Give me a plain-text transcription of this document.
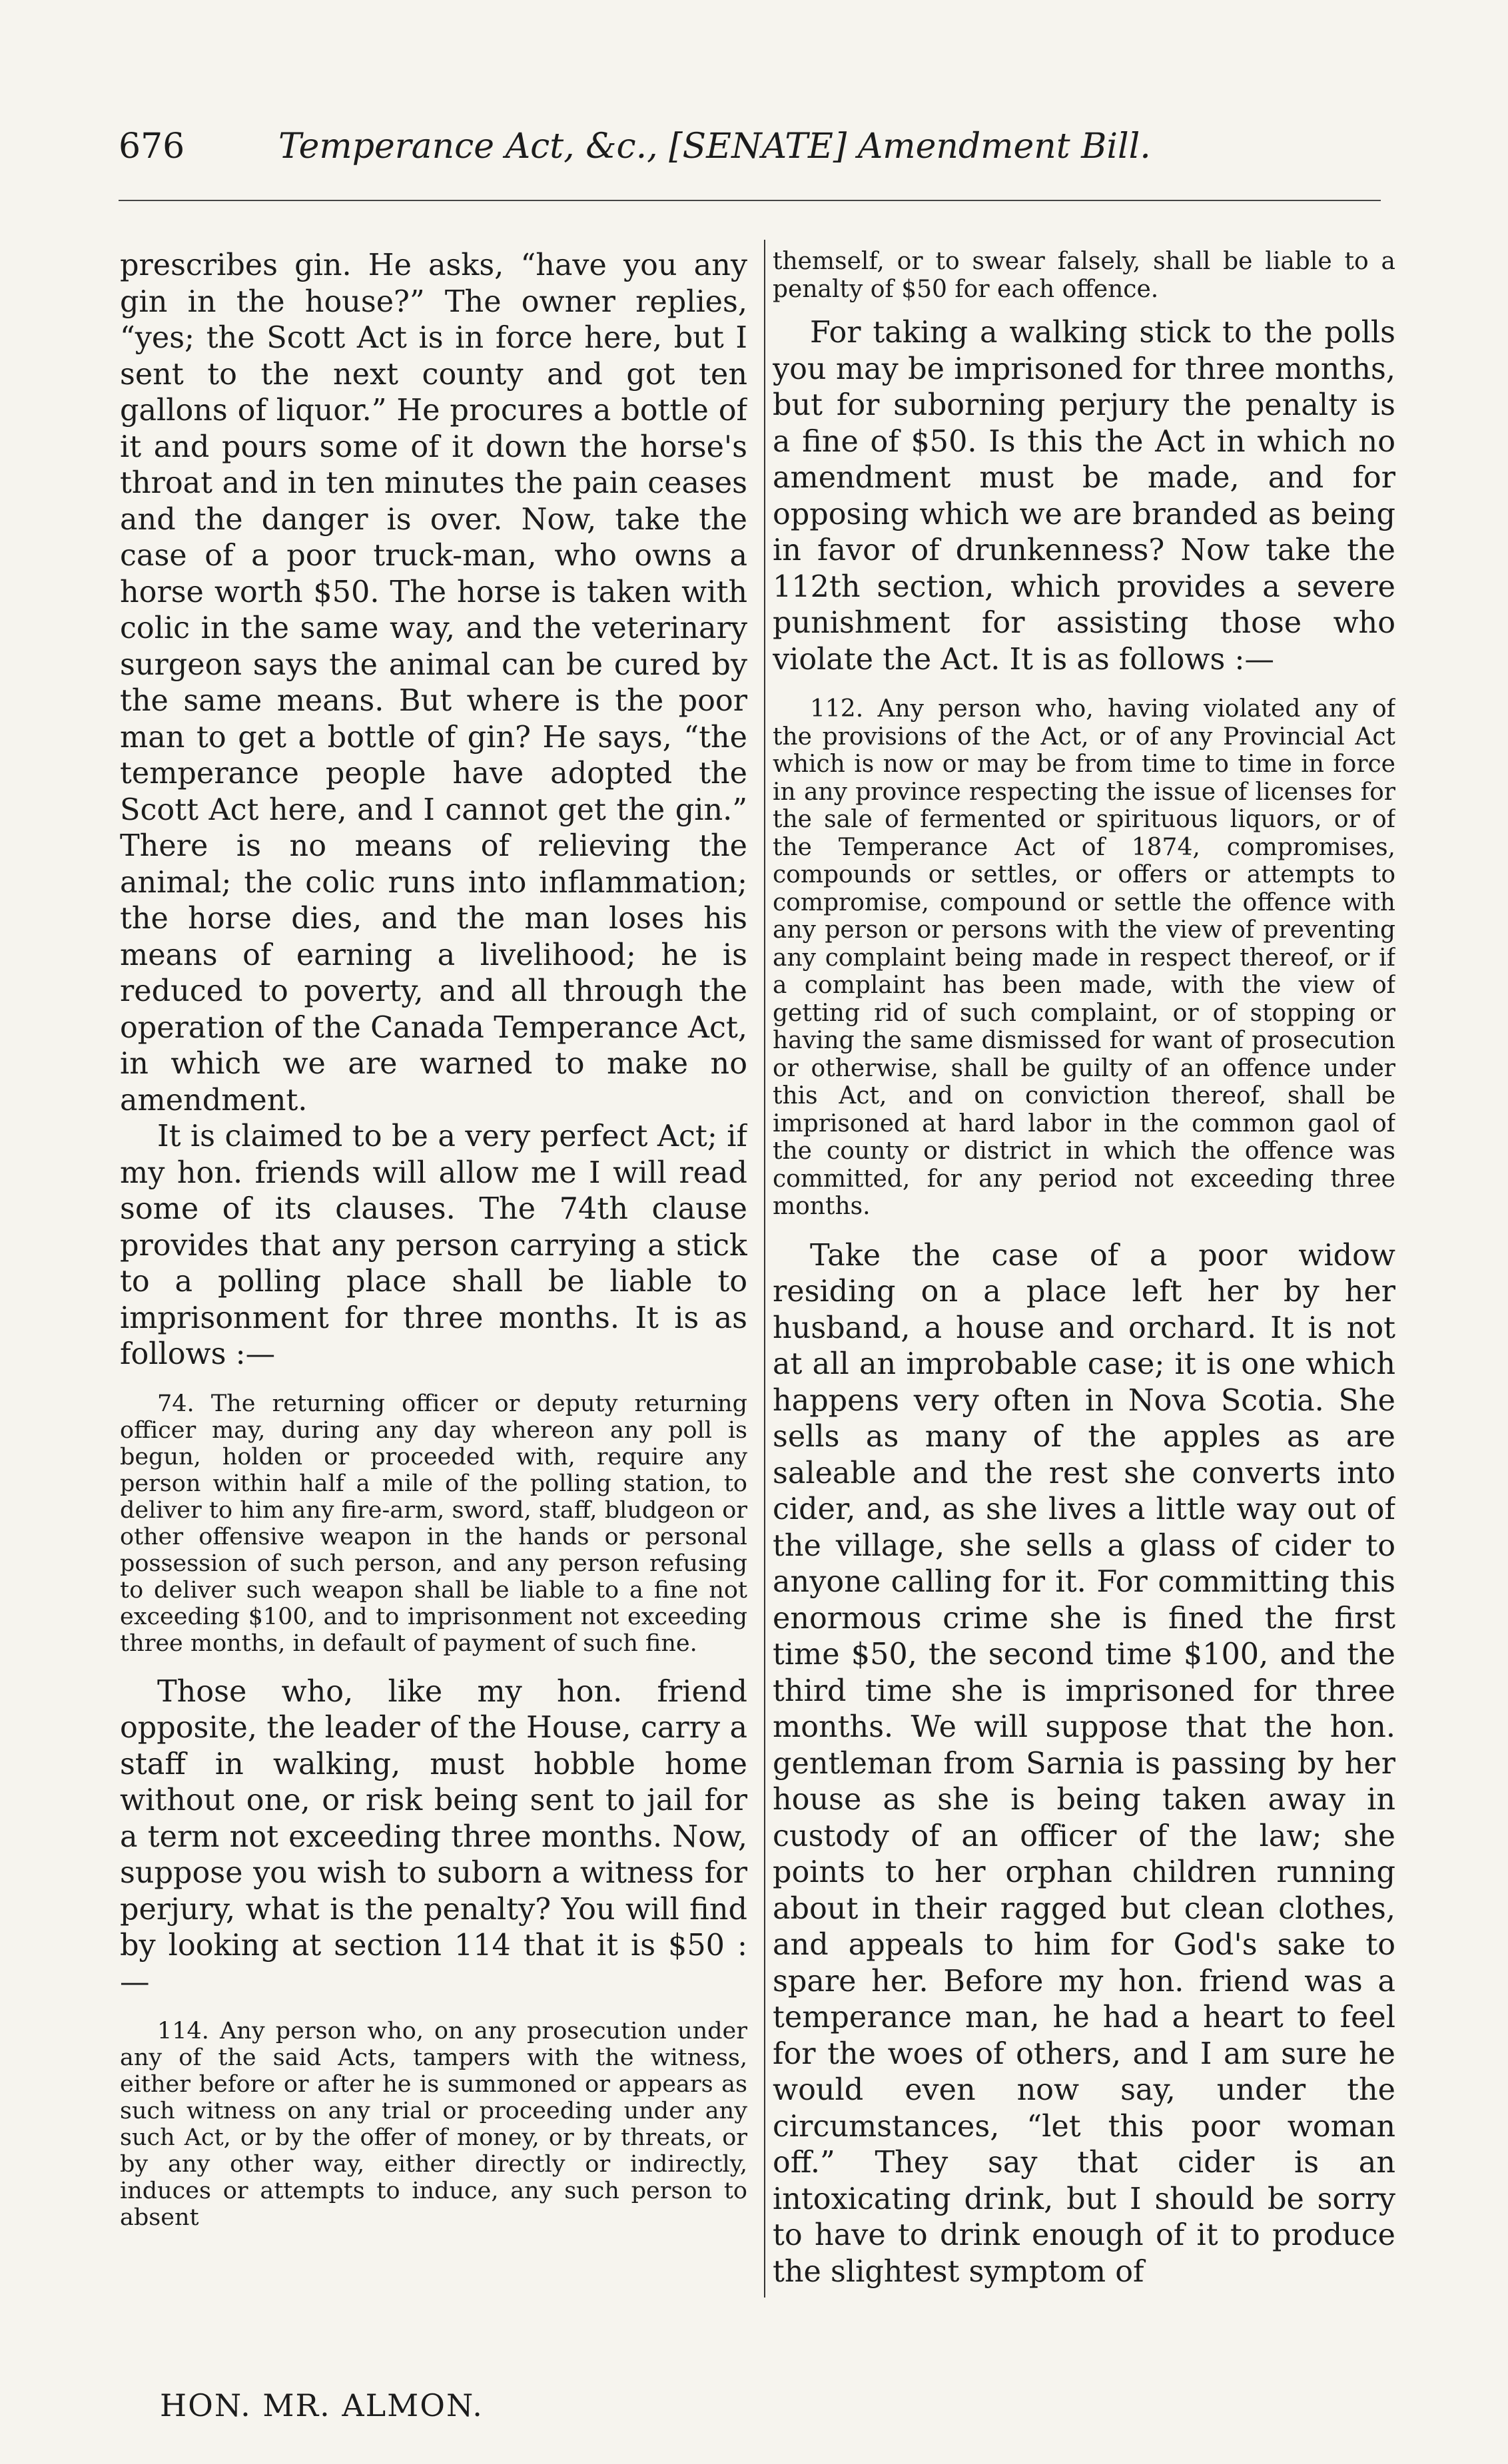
676	Temperance Act, &c., [SENATE] Amendment Bill.

prescribes gin. He asks, “have you any gin in the house?” The owner replies, “yes; the Scott Act is in force here, but I sent to the next county and got ten gallons of liquor.” He procures a bottle of it and pours some of it down the horse's throat and in ten minutes the pain ceases and the danger is over. Now, take the case of a poor truck-man, who owns a horse worth $50. The horse is taken with colic in the same way, and the veterinary surgeon says the animal can be cured by the same means. But where is the poor man to get a bottle of gin? He says, “the temperance people have adopted the Scott Act here, and I cannot get the gin.” There is no means of relieving the animal; the colic runs into inflammation; the horse dies, and the man loses his means of earning a livelihood; he is reduced to poverty, and all through the operation of the Canada Temperance Act, in which we are warned to make no amendment.

It is claimed to be a very perfect Act; if my hon. friends will allow me I will read some of its clauses. The 74th clause provides that any person carrying a stick to a polling place shall be liable to imprisonment for three months. It is as follows :—

74. The returning officer or deputy returning officer may, during any day whereon any poll is begun, holden or proceeded with, require any person within half a mile of the polling station, to deliver to him any fire-arm, sword, staff, bludgeon or other offensive weapon in the hands or personal possession of such person, and any person refusing to deliver such weapon shall be liable to a fine not exceeding $100, and to imprisonment not exceeding three months, in default of payment of such fine.

Those who, like my hon. friend opposite, the leader of the House, carry a staff in walking, must hobble home without one, or risk being sent to jail for a term not exceeding three months. Now, suppose you wish to suborn a witness for perjury, what is the penalty? You will find by looking at section 114 that it is $50 :—

114. Any person who, on any prosecution under any of the said Acts, tampers with the witness, either before or after he is summoned or appears as such witness on any trial or proceeding under any such Act, or by the offer of money, or by threats, or by any other way, either directly or indirectly, induces or attempts to induce, any such person to absent

themself, or to swear falsely, shall be liable to a penalty of $50 for each offence.

For taking a walking stick to the polls you may be imprisoned for three months, but for suborning perjury the penalty is a fine of $50. Is this the Act in which no amendment must be made, and for opposing which we are branded as being in favor of drunkenness? Now take the 112th section, which provides a severe punishment for assisting those who violate the Act. It is as follows :—

112. Any person who, having violated any of the provisions of the Act, or of any Provincial Act which is now or may be from time to time in force in any province respecting the issue of licenses for the sale of fermented or spirituous liquors, or of the Temperance Act of 1874, compromises, compounds or settles, or offers or attempts to compromise, compound or settle the offence with any person or persons with the view of preventing any complaint being made in respect thereof, or if a complaint has been made, with the view of getting rid of such complaint, or of stopping or having the same dismissed for want of prosecution or otherwise, shall be guilty of an offence under this Act, and on conviction thereof, shall be imprisoned at hard labor in the common gaol of the county or district in which the offence was committed, for any period not exceeding three months.

Take the case of a poor widow residing on a place left her by her husband, a house and orchard. It is not at all an improbable case; it is one which happens very often in Nova Scotia. She sells as many of the apples as are saleable and the rest she converts into cider, and, as she lives a little way out of the village, she sells a glass of cider to anyone calling for it. For committing this enormous crime she is fined the first time $50, the second time $100, and the third time she is imprisoned for three months. We will suppose that the hon. gentleman from Sarnia is passing by her house as she is being taken away in custody of an officer of the law; she points to her orphan children running about in their ragged but clean clothes, and appeals to him for God's sake to spare her. Before my hon. friend was a temperance man, he had a heart to feel for the woes of others, and I am sure he would even now say, under the circumstances, “let this poor woman off.” They say that cider is an intoxicating drink, but I should be sorry to have to drink enough of it to produce the slightest symptom of

HON. MR. ALMON.
